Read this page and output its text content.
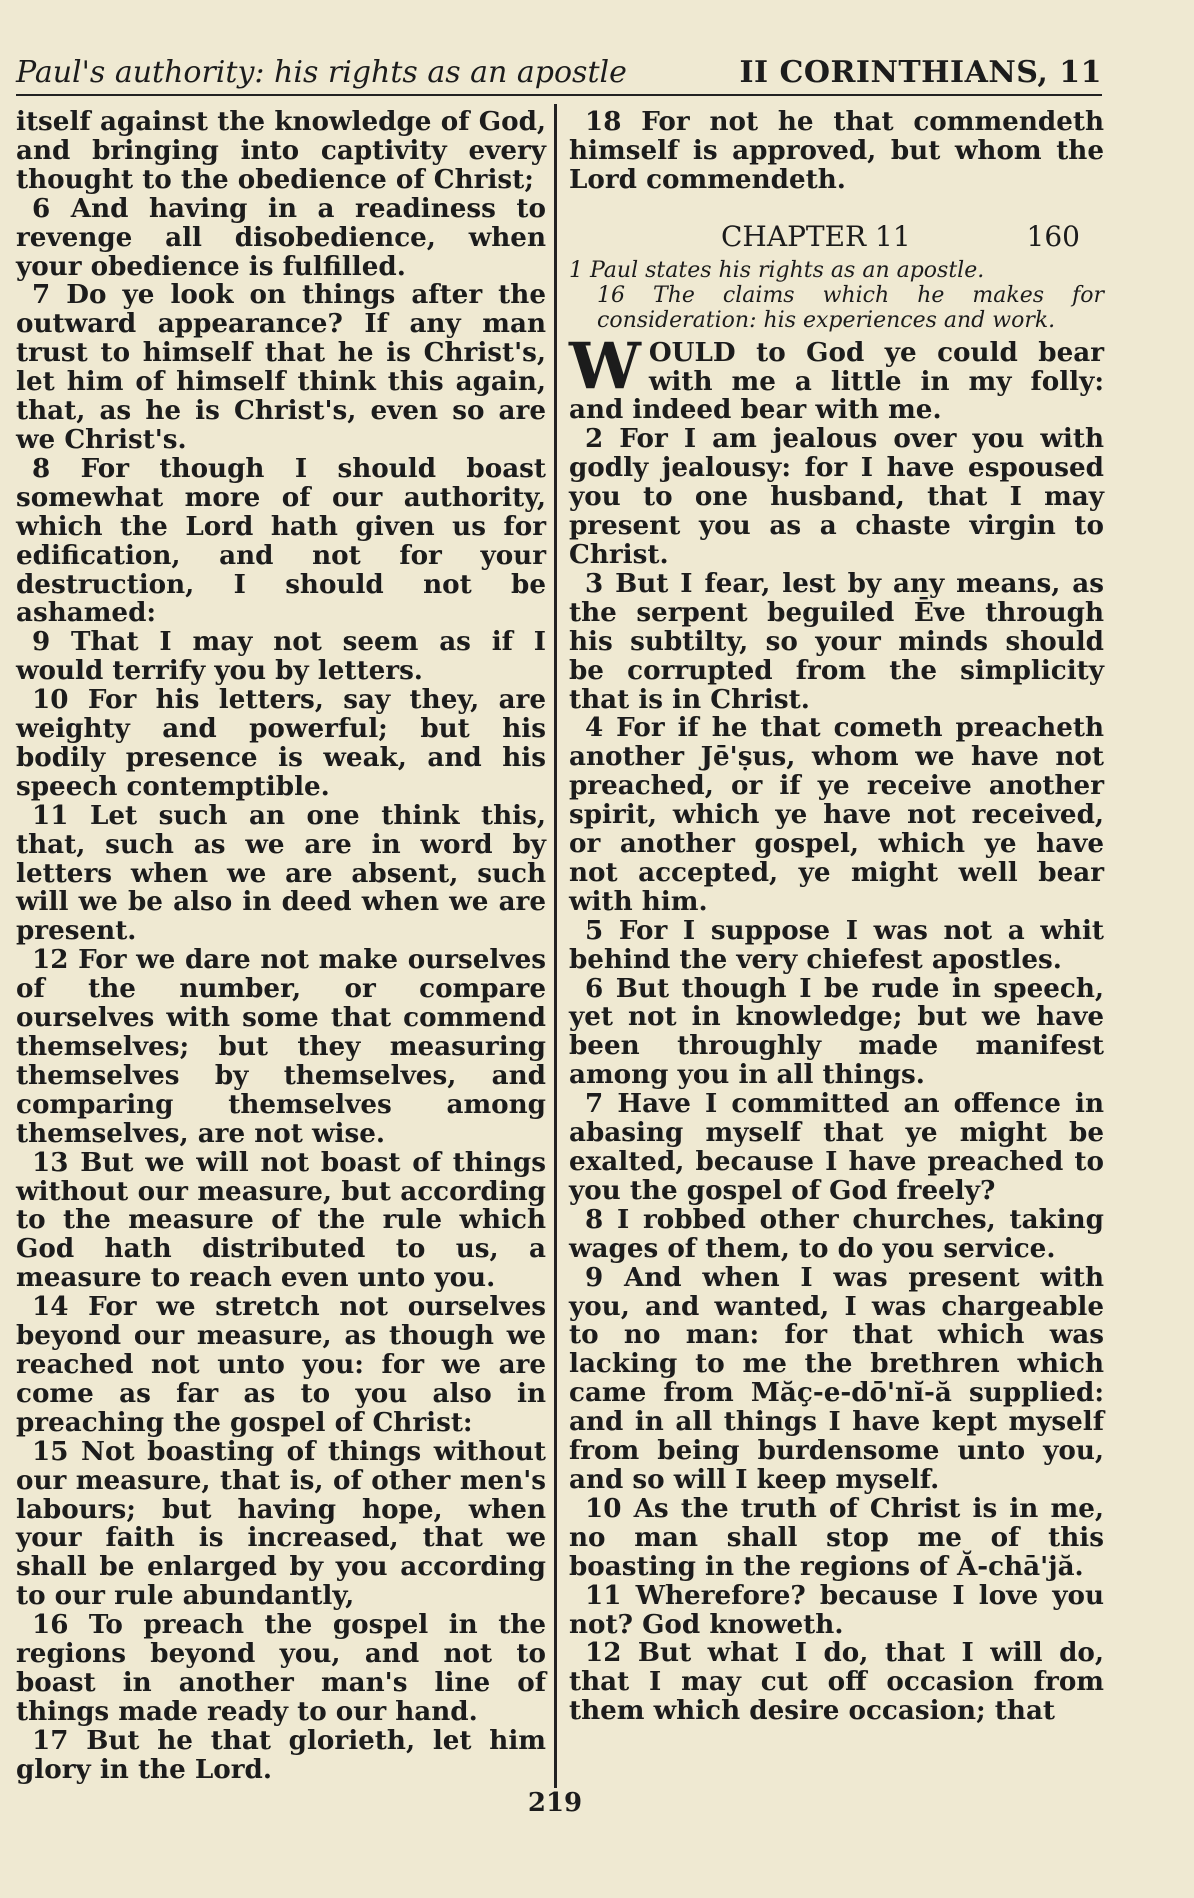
Paul's authority: his rights as an apostle	II CORINTHIANS, 11

itself against the knowledge of God, and bringing into captivity every thought to the obedience of Christ;

6 And having in a readiness to revenge all disobedience, when your obedience is fulfilled.

7 Do ye look on things after the outward appearance? If any man trust to himself that he is Christ's, let him of himself think this again, that, as he is Christ's, even so are we Christ's.

8 For though I should boast somewhat more of our authority, which the Lord hath given us for edification, and not for your destruction, I should not be ashamed:

9 That I may not seem as if I would terrify you by letters.

10 For his letters, say they, are weighty and powerful; but his bodily presence is weak, and his speech contemptible.

11 Let such an one think this, that, such as we are in word by letters when we are absent, such will we be also in deed when we are present.

12 For we dare not make ourselves of the number, or compare ourselves with some that commend themselves; but they measuring themselves by themselves, and comparing themselves among themselves, are not wise.

13 But we will not boast of things without our measure, but according to the measure of the rule which God hath distributed to us, a measure to reach even unto you.

14 For we stretch not ourselves beyond our measure, as though we reached not unto you: for we are come as far as to you also in preaching the gospel of Christ:

15 Not boasting of things without our measure, that is, of other men's labours; but having hope, when your faith is increased, that we shall be enlarged by you according to our rule abundantly,

16 To preach the gospel in the regions beyond you, and not to boast in another man's line of things made ready to our hand.

17 But he that glorieth, let him glory in the Lord.

18 For not he that commendeth himself is approved, but whom the Lord commendeth.

CHAPTER 11	160
1 Paul states his rights as an apostle.
16 The claims which he makes for consideration: his experiences and work.

WOULD to God ye could bear with me a little in my folly: and indeed bear with me.

2 For I am jealous over you with godly jealousy: for I have espoused you to one husband, that I may present you as a chaste virgin to Christ.

3 But I fear, lest by any means, as the serpent beguiled Ēve through his subtilty, so your minds should be corrupted from the simplicity that is in Christ.

4 For if he that cometh preacheth another Jē'ṣus, whom we have not preached, or if ye receive another spirit, which ye have not received, or another gospel, which ye have not accepted, ye might well bear with him.

5 For I suppose I was not a whit behind the very chiefest apostles.

6 But though I be rude in speech, yet not in knowledge; but we have been throughly made manifest among you in all things.

7 Have I committed an offence in abasing myself that ye might be exalted, because I have preached to you the gospel of God freely?

8 I robbed other churches, taking wages of them, to do you service.

9 And when I was present with you, and wanted, I was chargeable to no man: for that which was lacking to me the brethren which came from Măç-e-dō'nĭ-ă supplied: and in all things I have kept myself from being burdensome unto you, and so will I keep myself.

10 As the truth of Christ is in me, no man shall stop me of this boasting in the regions of Ă-chā'jă.

11 Wherefore? because I love you not? God knoweth.

12 But what I do, that I will do, that I may cut off occasion from them which desire occasion; that

219
